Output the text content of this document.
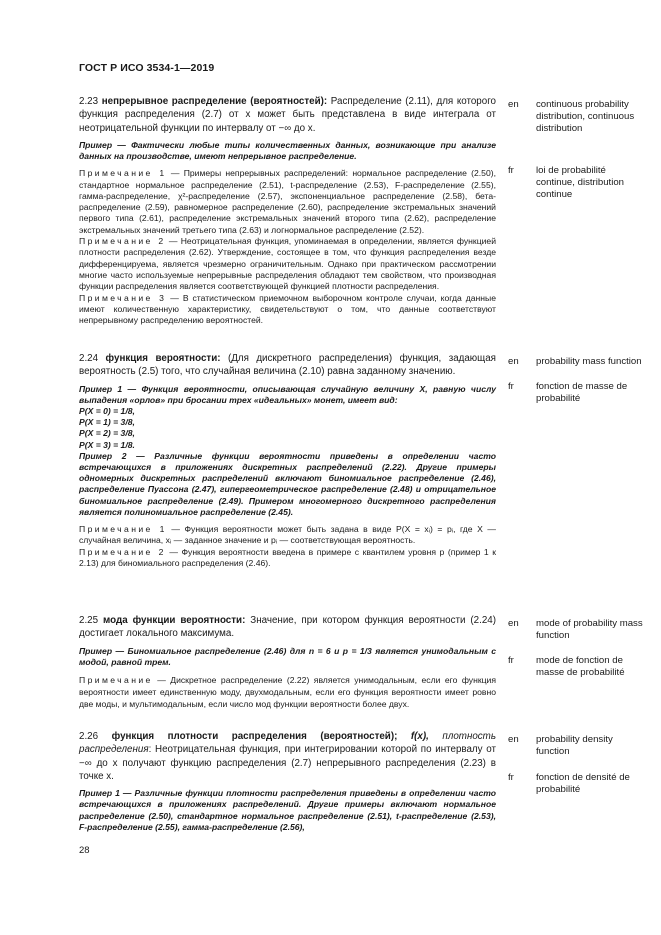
ГОСТ Р ИСО 3534-1—2019

2.23 непрерывное распределение (вероятностей): Распределение (2.11), для которого функция распределения (2.7) от x может быть представлена в виде интеграла от неотрицательной функции по интервалу от −∞ до x.

Пример — Фактически любые типы количественных данных, возникающие при анализе данных на производстве, имеют непрерывное распределение.

Примечание 1 — Примеры непрерывных распределений: нормальное распределение (2.50), стандартное нормальное распределение (2.51), t-распределение (2.53), F-распределение (2.55), гамма-распределение, χ²-распределение (2.57), экспоненциальное распределение (2.58), бета-распределение (2.59), равномерное распределение (2.60), распределение экстремальных значений первого типа (2.61), распределение экстремальных значений второго типа (2.62), распределение экстремальных значений третьего типа (2.63) и логнормальное распределение (2.52).

Примечание 2 — Неотрицательная функция, упоминаемая в определении, является функцией плотности распределения (2.62). Утверждение, состоящее в том, что функция распределения везде дифференцируема, является чрезмерно ограничительным. Однако при практическом рассмотрении многие часто используемые непрерывные распределения обладают тем свойством, что производная функции распределения является соответствующей функцией плотности распределения.

Примечание 3 — В статистическом приемочном выборочном контроле случаи, когда данные имеют количественную характеристику, свидетельствуют о том, что данные соответствуют непрерывному распределению вероятностей.

en continuous probability distribution, continuous distribution
fr loi de probabilité continue, distribution continue

2.24 функция вероятности: (Для дискретного распределения) функция, задающая вероятность (2.5) того, что случайная величина (2.10) равна заданному значению.

Пример 1 — Функция вероятности, описывающая случайную величину X, равную числу выпадения «орлов» при бросании трех «идеальных» монет, имеет вид:

P(X = 0) = 1/8,

P(X = 1) = 3/8,

P(X = 2) = 3/8,

P(X = 3) = 1/8.

Пример 2 — Различные функции вероятности приведены в определении часто встречающихся в приложениях дискретных распределений (2.22). Другие примеры одномерных дискретных распределений включают биномиальное распределение (2.46), распределение Пуассона (2.47), гипергеометрическое распределение (2.48) и отрицательное биномиальное распределение (2.49). Примером многомерного дискретного распределения является полиномиальное распределение (2.45).

Примечание 1 — Функция вероятности может быть задана в виде P(X = xᵢ) = pᵢ, где X — случайная величина, xᵢ — заданное значение и pᵢ — соответствующая вероятность.

Примечание 2 — Функция вероятности введена в примере с квантилем уровня p (пример 1 к 2.13) для биномиального распределения (2.46).

en probability mass function
fr fonction de masse de probabilité

2.25 мода функции вероятности: Значение, при котором функция вероятности (2.24) достигает локального максимума.

Пример — Биномиальное распределение (2.46) для n = 6 и p = 1/3 является унимодальным с модой, равной трем.

Примечание — Дискретное распределение (2.22) является унимодальным, если его функция вероятности имеет единственную моду, двухмодальным, если его функция вероятности имеет ровно две моды, и мультимодальным, если число мод функции вероятности более двух.

en mode of probability mass function
fr mode de fonction de masse de probabilité

2.26 функция плотности распределения (вероятностей); f(x), плотность распределения: Неотрицательная функция, при интегрировании которой по интервалу от −∞ до x получают функцию распределения (2.7) непрерывного распределения (2.23) в точке x.

Пример 1 — Различные функции плотности распределения приведены в определении часто встречающихся в приложениях распределений. Другие примеры включают нормальное распределение (2.50), стандартное нормальное распределение (2.51), t-распределение (2.53), F-распределение (2.55), гамма-распределение (2.56),

en probability density function
fr fonction de densité de probabilité
28
